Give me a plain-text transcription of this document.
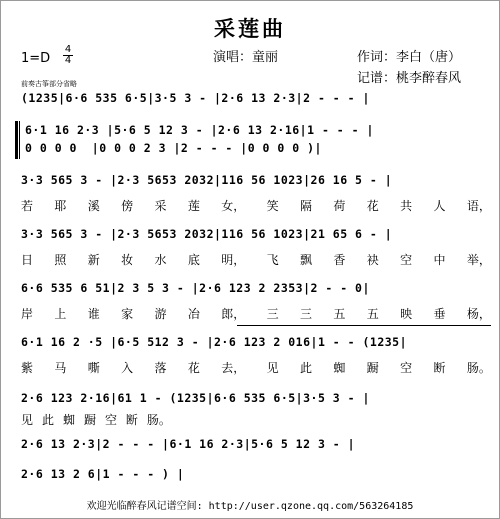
采莲曲
演唱：童丽	作词：李白（唐）
记谱：桃李醉春风
1=D
4
4
前奏古筝部分省略
(1235|6·6 535 6·5|3·5 3 - |2·6 13 2·3|2 - - - |
6·1 16 2·3 |5·6 5 12 3 - |2·6 13 2·16|1 - - - |
0 0 0 0  |0 0 0 2 3 |2 - - - |0 0 0 0 )|
3·3 565 3 - |2·3 5653 2032|116 56 1023|26 16 5 - |
若 耶 溪 傍 采 莲 女， 笑 隔 荷 花 共 人 语，
3·3 565 3 - |2·3 5653 2032|116 56 1023|21 65 6 - |
日 照 新 妆 水 底 明， 飞 飘 香 袂 空 中 举，
6·6 535 6 51|2 3 5 3 - |2·6 123 2 2353|2 - - 0|
岸 上 谁 家 游 冶 郎， 三 三 五 五 映 垂 杨，
6·1 16 2 ·5 |6·5 512 3 - |2·6 123 2 016|1 - - (1235|
紫 马 嘶 入 落 花 去， 见 此 蜘 蹰 空 断 肠。
2·6 123 2·16|61 1 - (1235|6·6 535 6·5|3·5 3 - |
见 此 蜘 蹰 空 断 肠。
2·6 13 2·3|2 - - - |6·1 16 2·3|5·6 5 12 3 - |
2·6 13 2 6|1 - - - ) |
欢迎光临醉春风记谱空间: http://user.qzone.qq.com/563264185
